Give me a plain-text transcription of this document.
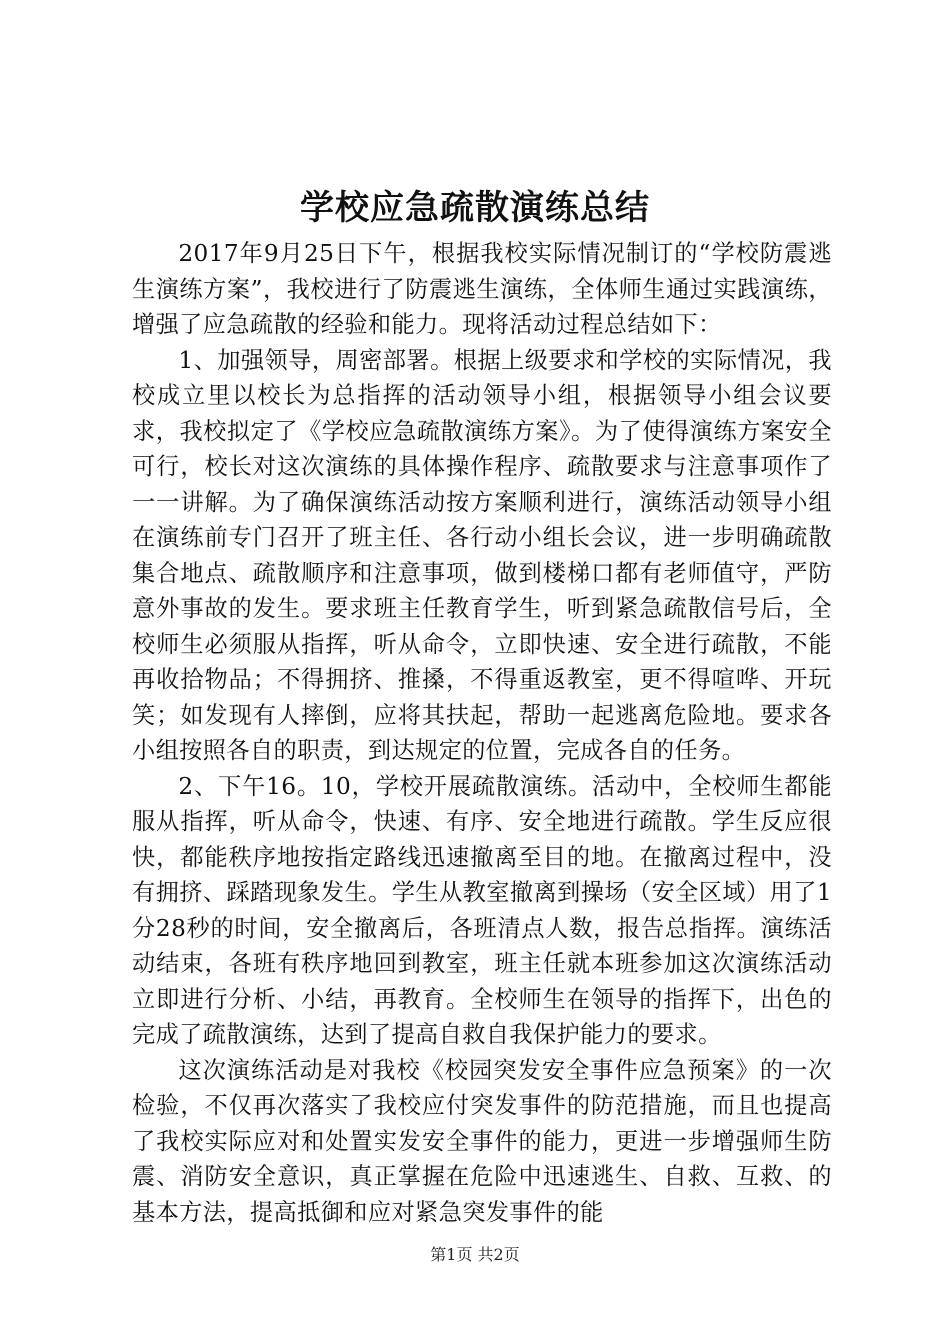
学校应急疏散演练总结

2017年9月25日下午，根据我校实际情况制订的“学校防震逃生演练方案”，我校进行了防震逃生演练，全体师生通过实践演练，增强了应急疏散的经验和能力。现将活动过程总结如下：

1、加强领导，周密部署。根据上级要求和学校的实际情况，我校成立里以校长为总指挥的活动领导小组，根据领导小组会议要求，我校拟定了《学校应急疏散演练方案》。为了使得演练方案安全可行，校长对这次演练的具体操作程序、疏散要求与注意事项作了一一讲解。为了确保演练活动按方案顺利进行，演练活动领导小组在演练前专门召开了班主任、各行动小组长会议，进一步明确疏散集合地点、疏散顺序和注意事项，做到楼梯口都有老师值守，严防意外事故的发生。要求班主任教育学生，听到紧急疏散信号后，全校师生必须服从指挥，听从命令，立即快速、安全进行疏散，不能再收拾物品；不得拥挤、推搡，不得重返教室，更不得喧哗、开玩笑；如发现有人摔倒，应将其扶起，帮助一起逃离危险地。要求各小组按照各自的职责，到达规定的位置，完成各自的任务。

2、下午16。10，学校开展疏散演练。活动中，全校师生都能服从指挥，听从命令，快速、有序、安全地进行疏散。学生反应很快，都能秩序地按指定路线迅速撤离至目的地。在撤离过程中，没有拥挤、踩踏现象发生。学生从教室撤离到操场（安全区域）用了1分28秒的时间，安全撤离后，各班清点人数，报告总指挥。演练活动结束，各班有秩序地回到教室，班主任就本班参加这次演练活动立即进行分析、小结，再教育。全校师生在领导的指挥下，出色的完成了疏散演练，达到了提高自救自我保护能力的要求。

这次演练活动是对我校《校园突发安全事件应急预案》的一次检验，不仅再次落实了我校应付突发事件的防范措施，而且也提高了我校实际应对和处置实发安全事件的能力，更进一步增强师生防震、消防安全意识，真正掌握在危险中迅速逃生、自救、互救、的基本方法，提高抵御和应对紧急突发事件的能

第1页 共2页
